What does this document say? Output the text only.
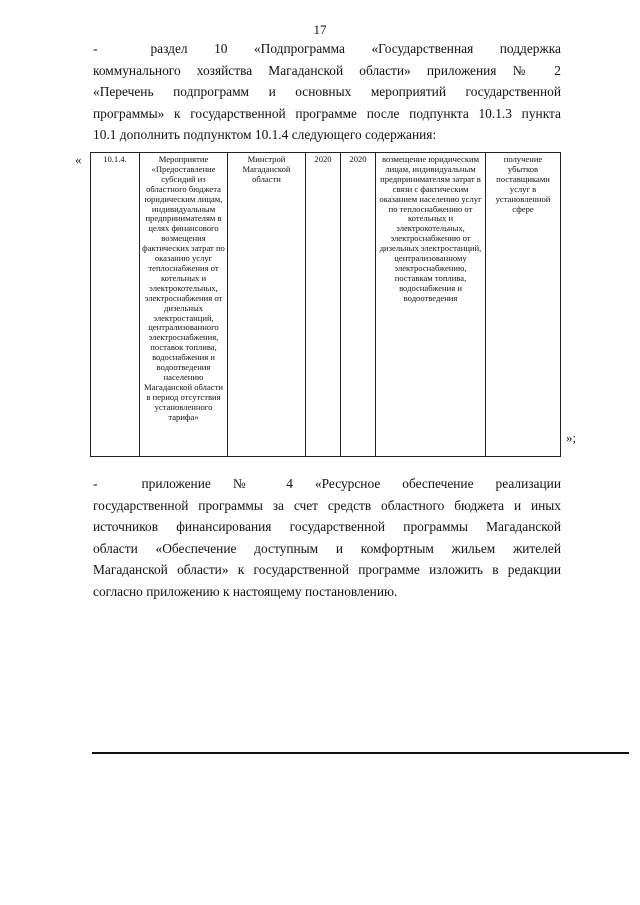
17

-  раздел 10 «Подпрограмма «Государственная поддержка
коммунального хозяйства Магаданской области» приложения № 2
«Перечень подпрограмм и основных мероприятий государственной
программы» к государственной программе после подпункта 10.1.3 пункта
10.1 дополнить подпунктом 10.1.4 следующего содержания:

«	10.1.4.	Мероприятие «Предоставление субсидий из областного бюджета юридическим лицам, индивидуальным предпринимателям в целях финансового возмещения фактических затрат по оказанию услуг теплоснабжения от котельных и электрокотельных, электроснабжения от дизельных электростанций, централизованного электроснабжения, поставок топлива, водоснабжения и водоотведения населению Магаданской области в период отсутствия установленного тарифа»	Минстрой Магаданской области	2020	2020	возмещение юридическим лицам, индивидуальным предпринимателям затрат в связи с фактическим оказанием населению услуг по теплоснабжению от котельных и электрокотельных, электроснабжению от дизельных электростанций, централизованному электроснабжению, поставкам топлива, водоснабжения и водоотведения	получение убытков поставщиками услуг в установленной сфере
»;

-  приложение № 4 «Ресурсное обеспечение реализации
государственной программы за счет средств областного бюджета и иных
источников финансирования государственной программы Магаданской
области «Обеспечение доступным и комфортным жильем жителей
Магаданской области» к государственной программе изложить в редакции
согласно приложению к настоящему постановлению.
